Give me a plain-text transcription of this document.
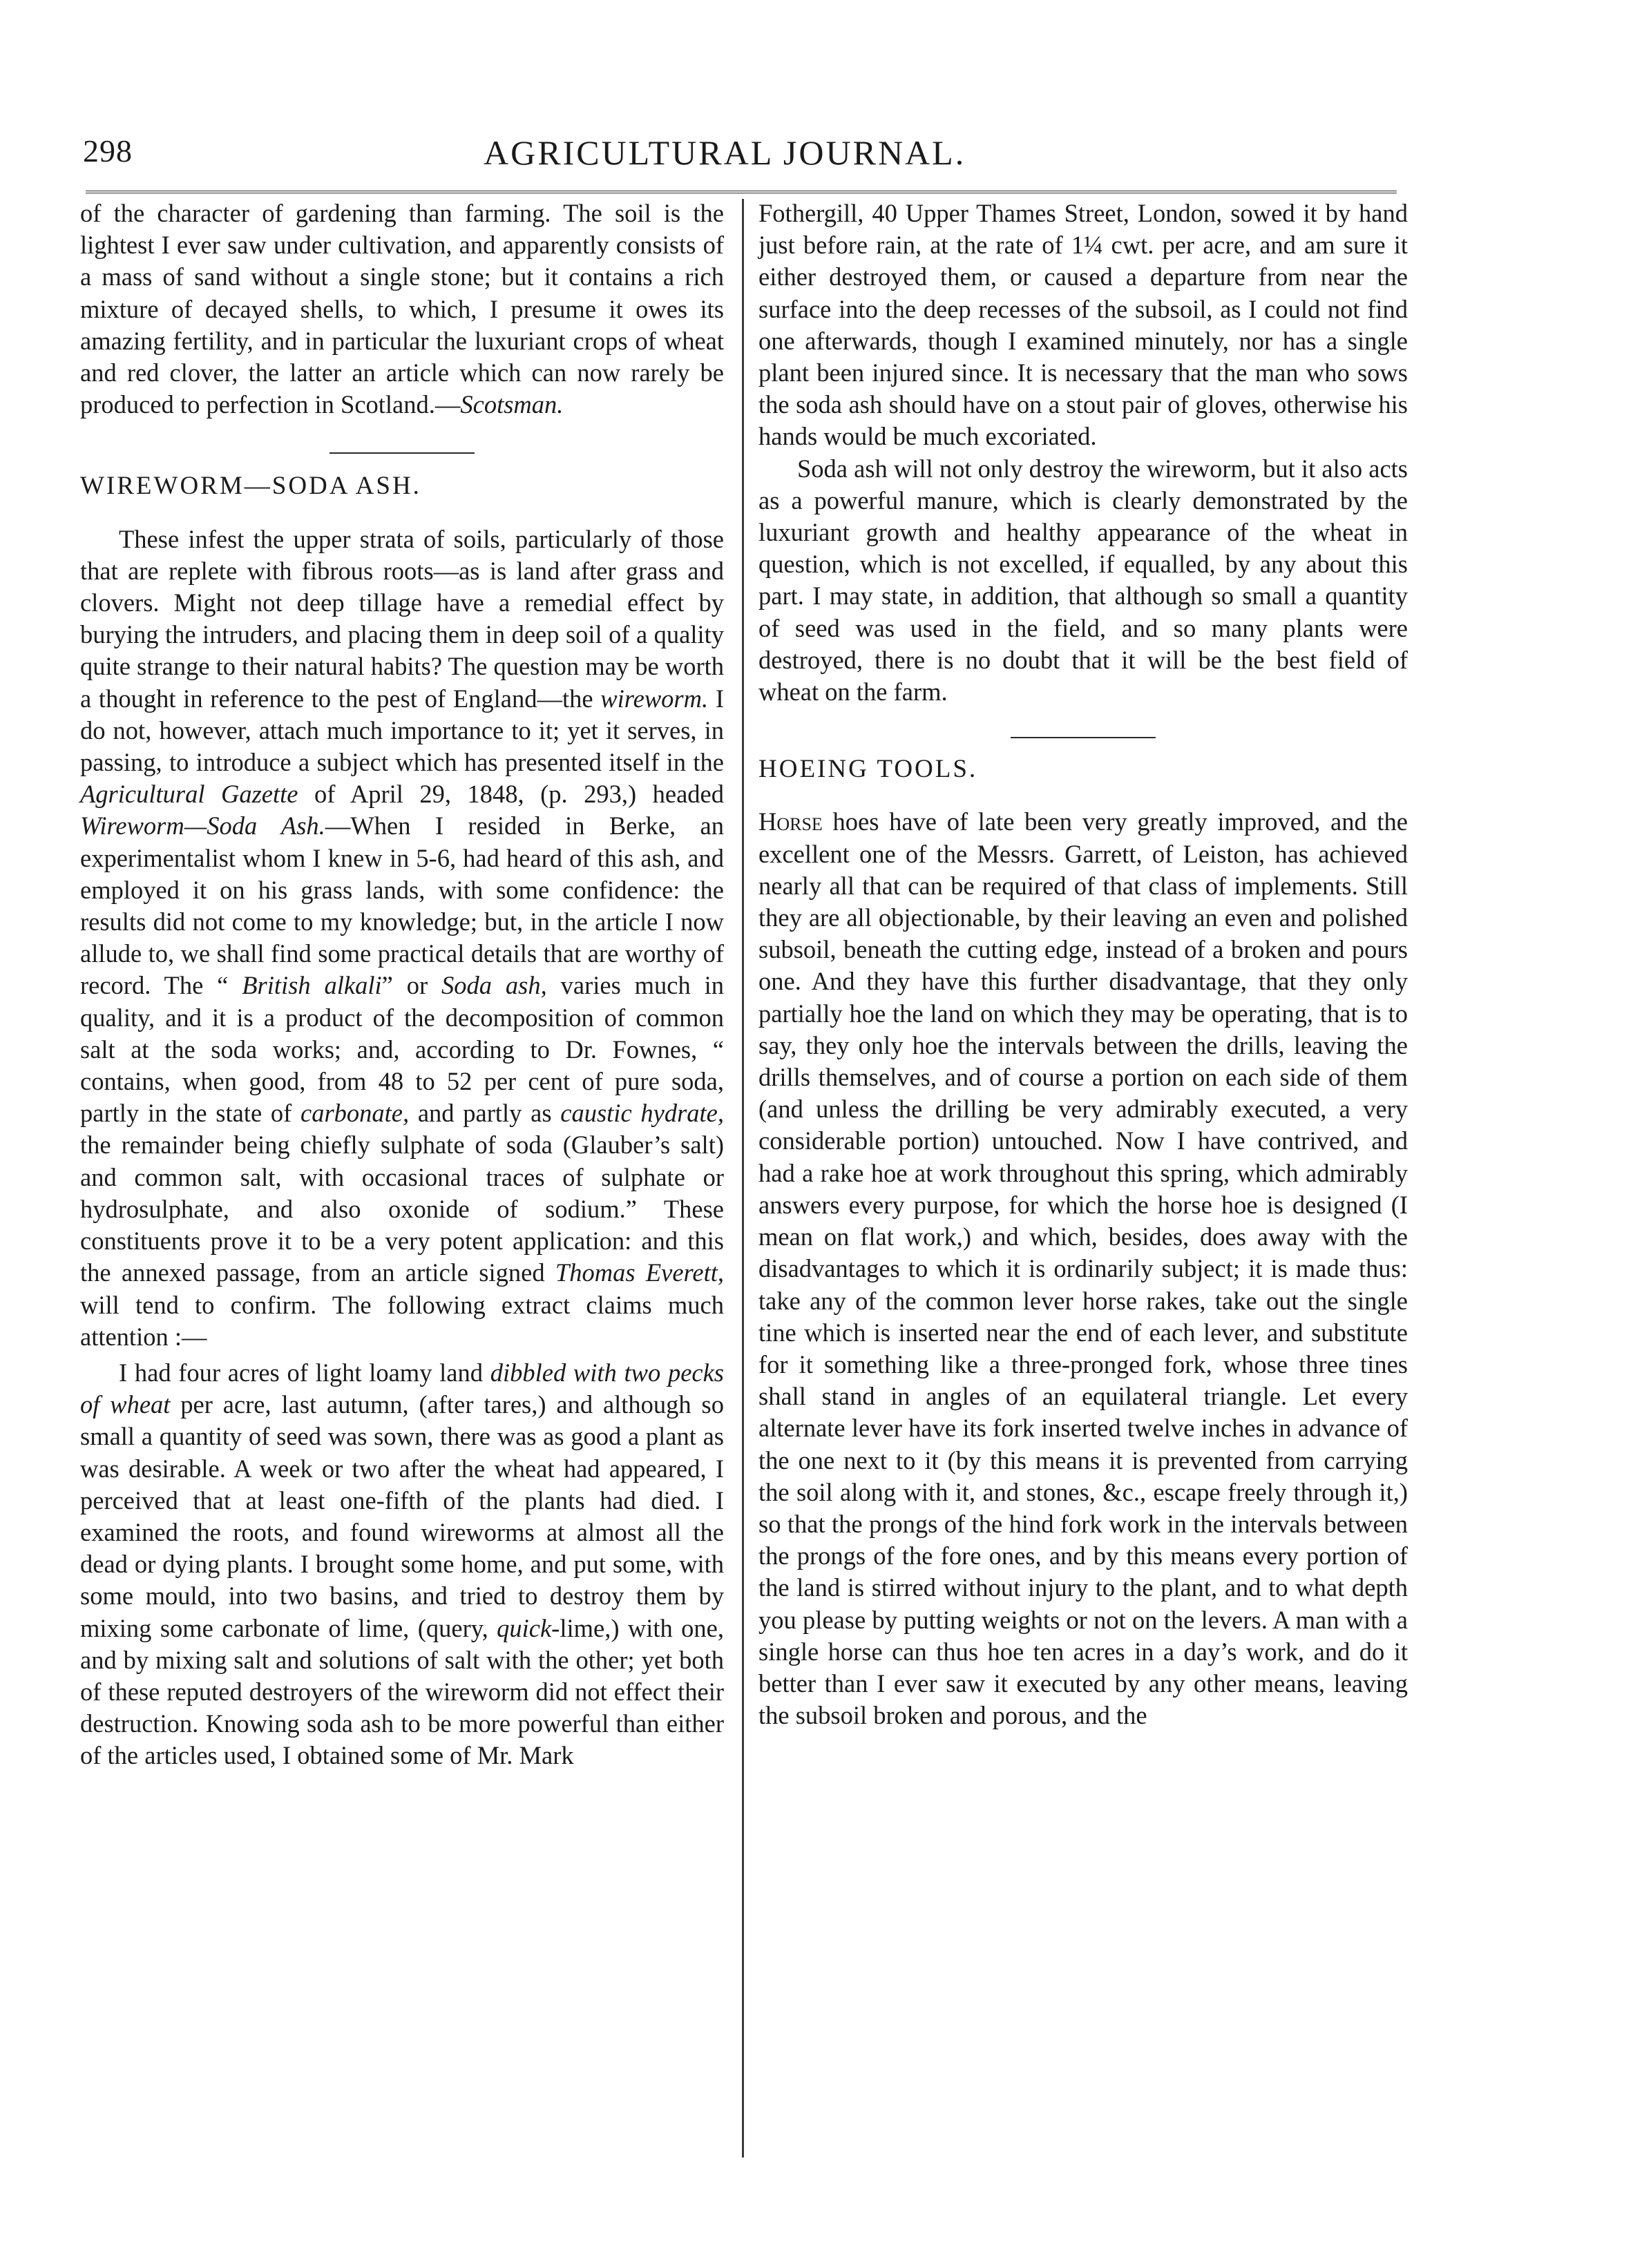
298	AGRICULTURAL JOURNAL.

of the character of gardening than farming. The soil is the lightest I ever saw under cultivation, and apparently consists of a mass of sand without a single stone; but it contains a rich mixture of decayed shells, to which, I presume it owes its amazing fertility, and in particular the luxuriant crops of wheat and red clover, the latter an article which can now rarely be produced to perfection in Scotland.—Scotsman.

WIREWORM—SODA ASH.

These infest the upper strata of soils, particularly of those that are replete with fibrous roots—as is land after grass and clovers. Might not deep tillage have a remedial effect by burying the intruders, and placing them in deep soil of a quality quite strange to their natural habits? The question may be worth a thought in reference to the pest of England—the wireworm. I do not, however, attach much importance to it; yet it serves, in passing, to introduce a subject which has presented itself in the Agricultural Gazette of April 29, 1848, (p. 293,) headed Wireworm—Soda Ash.—When I resided in Berke, an experimentalist whom I knew in 5-6, had heard of this ash, and employed it on his grass lands, with some confidence: the results did not come to my knowledge; but, in the article I now allude to, we shall find some practical details that are worthy of record. The “ British alkali” or Soda ash, varies much in quality, and it is a product of the decomposition of common salt at the soda works; and, according to Dr. Fownes, “ contains, when good, from 48 to 52 per cent of pure soda, partly in the state of carbonate, and partly as caustic hydrate, the remainder being chiefly sulphate of soda (Glauber’s salt) and common salt, with occasional traces of sulphate or hydrosulphate, and also oxonide of sodium.” These constituents prove it to be a very potent application: and this the annexed passage, from an article signed Thomas Everett, will tend to confirm. The following extract claims much attention :—

I had four acres of light loamy land dibbled with two pecks of wheat per acre, last autumn, (after tares,) and although so small a quantity of seed was sown, there was as good a plant as was desirable. A week or two after the wheat had appeared, I perceived that at least one-fifth of the plants had died. I examined the roots, and found wireworms at almost all the dead or dying plants. I brought some home, and put some, with some mould, into two basins, and tried to destroy them by mixing some carbonate of lime, (query, quick-lime,) with one, and by mixing salt and solutions of salt with the other; yet both of these reputed destroyers of the wireworm did not effect their destruction. Knowing soda ash to be more powerful than either of the articles used, I obtained some of Mr. Mark

Fothergill, 40 Upper Thames Street, London, sowed it by hand just before rain, at the rate of 1¼ cwt. per acre, and am sure it either destroyed them, or caused a departure from near the surface into the deep recesses of the subsoil, as I could not find one afterwards, though I examined minutely, nor has a single plant been injured since. It is necessary that the man who sows the soda ash should have on a stout pair of gloves, otherwise his hands would be much excoriated.

Soda ash will not only destroy the wireworm, but it also acts as a powerful manure, which is clearly demonstrated by the luxuriant growth and healthy appearance of the wheat in question, which is not excelled, if equalled, by any about this part. I may state, in addition, that although so small a quantity of seed was used in the field, and so many plants were destroyed, there is no doubt that it will be the best field of wheat on the farm.

HOEING TOOLS.

Horse hoes have of late been very greatly improved, and the excellent one of the Messrs. Garrett, of Leiston, has achieved nearly all that can be required of that class of implements. Still they are all objectionable, by their leaving an even and polished subsoil, beneath the cutting edge, instead of a broken and pours one. And they have this further disadvantage, that they only partially hoe the land on which they may be operating, that is to say, they only hoe the intervals between the drills, leaving the drills themselves, and of course a portion on each side of them (and unless the drilling be very admirably executed, a very considerable portion) untouched. Now I have contrived, and had a rake hoe at work throughout this spring, which admirably answers every purpose, for which the horse hoe is designed (I mean on flat work,) and which, besides, does away with the disadvantages to which it is ordinarily subject; it is made thus: take any of the common lever horse rakes, take out the single tine which is inserted near the end of each lever, and substitute for it something like a three-pronged fork, whose three tines shall stand in angles of an equilateral triangle. Let every alternate lever have its fork inserted twelve inches in advance of the one next to it (by this means it is prevented from carrying the soil along with it, and stones, &c., escape freely through it,) so that the prongs of the hind fork work in the intervals between the prongs of the fore ones, and by this means every portion of the land is stirred without injury to the plant, and to what depth you please by putting weights or not on the levers. A man with a single horse can thus hoe ten acres in a day’s work, and do it better than I ever saw it executed by any other means, leaving the subsoil broken and porous, and the
